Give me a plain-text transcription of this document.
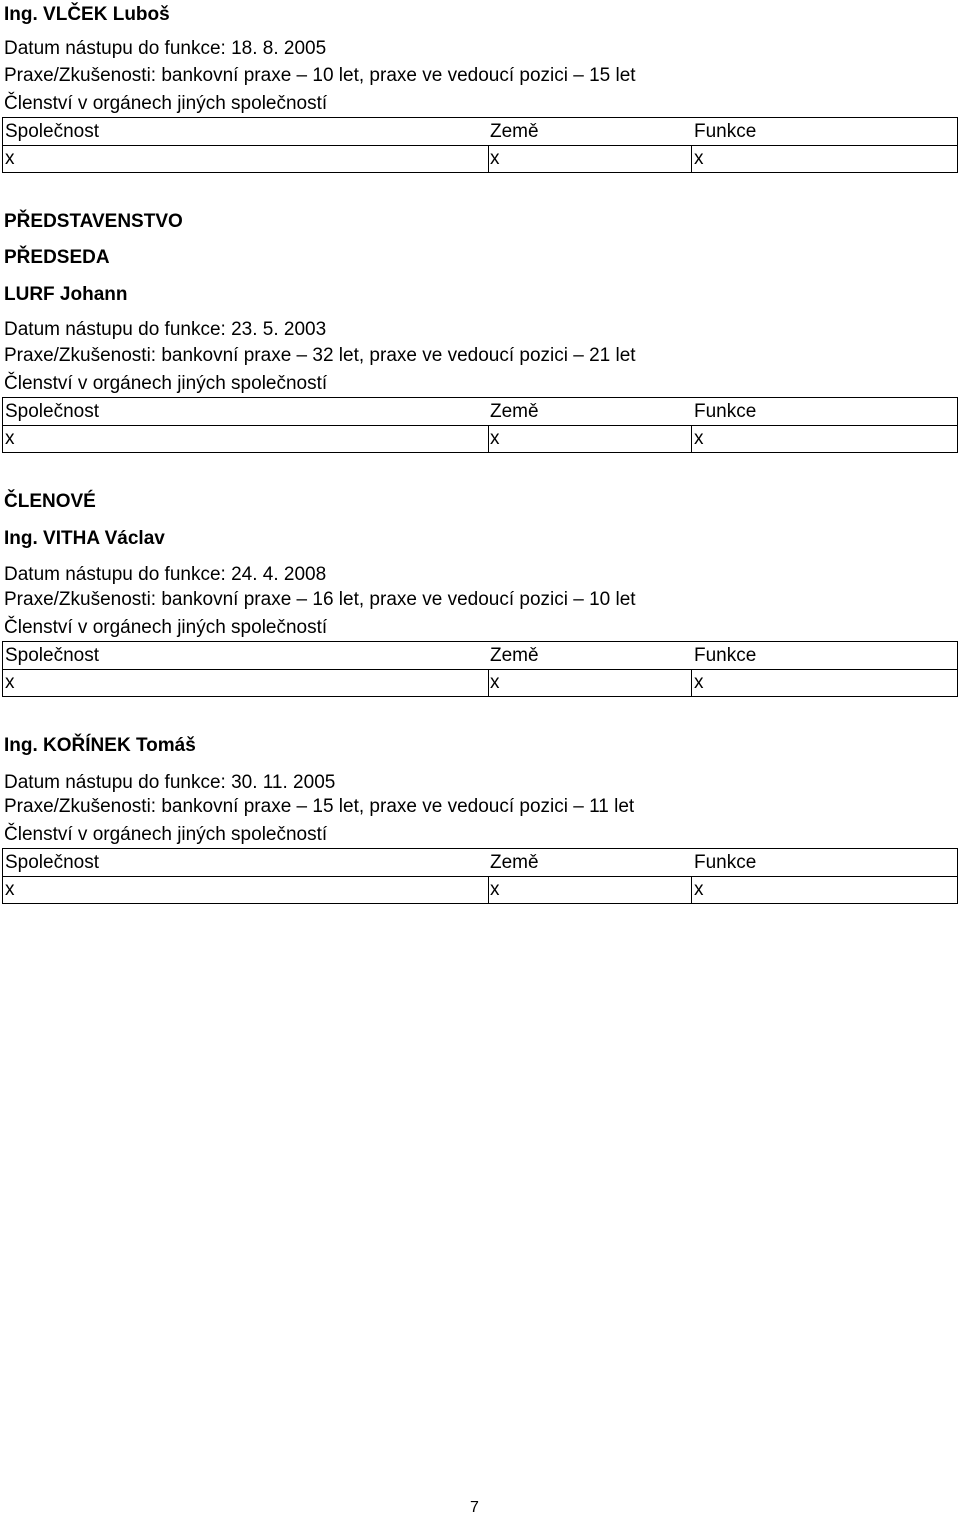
Ing. VLČEK Luboš
Datum nástupu do funkce: 18. 8. 2005
Praxe/Zkušenosti: bankovní praxe – 10 let, praxe ve vedoucí pozici – 15 let
Členství v orgánech jiných společností
Společnost	Země	Funkce
x	x	x
PŘEDSTAVENSTVO
PŘEDSEDA
LURF Johann
Datum nástupu do funkce: 23. 5. 2003
Praxe/Zkušenosti: bankovní praxe – 32 let, praxe ve vedoucí pozici – 21 let
Členství v orgánech jiných společností
Společnost	Země	Funkce
x	x	x
ČLENOVÉ
Ing. VITHA Václav
Datum nástupu do funkce: 24. 4. 2008
Praxe/Zkušenosti: bankovní praxe – 16 let, praxe ve vedoucí pozici – 10 let
Členství v orgánech jiných společností
Společnost	Země	Funkce
x	x	x
Ing. KOŘÍNEK Tomáš
Datum nástupu do funkce: 30. 11. 2005
Praxe/Zkušenosti: bankovní praxe – 15 let, praxe ve vedoucí pozici – 11 let
Členství v orgánech jiných společností
Společnost	Země	Funkce
x	x	x
7
